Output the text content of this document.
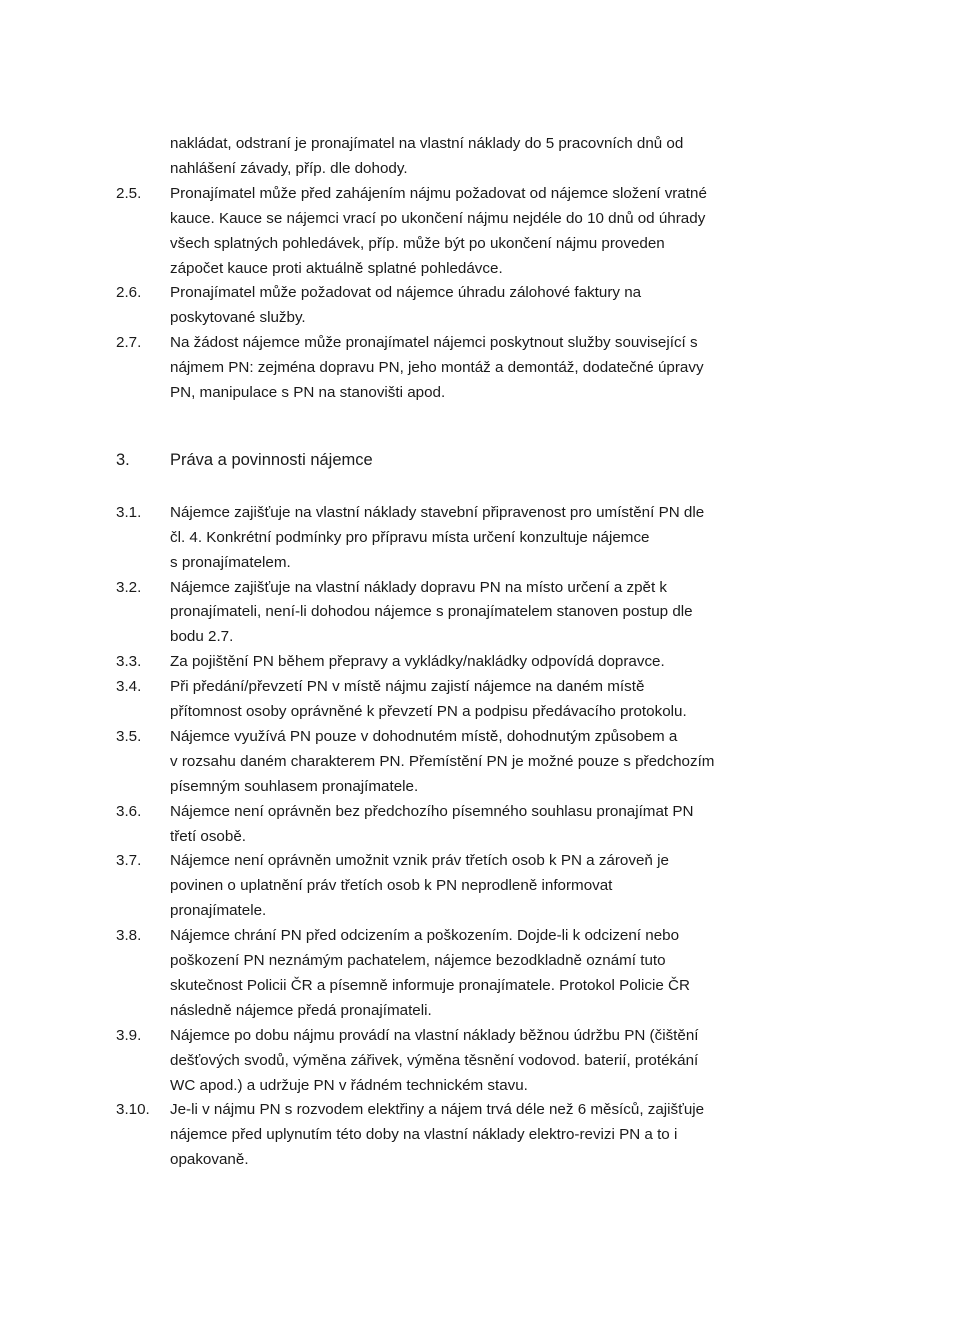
nakládat, odstraní je pronajímatel na vlastní náklady do 5 pracovních dnů od
nahlášení závady, příp. dle dohody.
2.5. Pronajímatel může před zahájením nájmu požadovat od nájemce složení vratné
kauce. Kauce se nájemci vrací po ukončení nájmu nejdéle do 10 dnů od úhrady
všech splatných pohledávek, příp. může být po ukončení nájmu proveden
zápočet kauce proti aktuálně splatné pohledávce.
2.6. Pronajímatel může požadovat od nájemce úhradu zálohové faktury na
poskytované služby.
2.7. Na žádost nájemce může pronajímatel nájemci poskytnout služby související s
nájmem PN: zejména dopravu PN, jeho montáž a demontáž, dodatečné úpravy
PN, manipulace s PN na stanovišti apod.
3. Práva a povinnosti nájemce
3.1. Nájemce zajišťuje na vlastní náklady stavební připravenost pro umístění PN dle
čl. 4. Konkrétní podmínky pro přípravu místa určení konzultuje nájemce
s pronajímatelem.
3.2. Nájemce zajišťuje na vlastní náklady dopravu PN na místo určení a zpět k
pronajímateli, není-li dohodou nájemce s pronajímatelem stanoven postup dle
bodu 2.7.
3.3. Za pojištění PN během přepravy a vykládky/nakládky odpovídá dopravce.
3.4. Při předání/převzetí PN v místě nájmu zajistí nájemce na daném místě
přítomnost osoby oprávněné k převzetí PN a podpisu předávacího protokolu.
3.5. Nájemce využívá PN pouze v dohodnutém místě, dohodnutým způsobem a
v rozsahu daném charakterem PN. Přemístění PN je možné pouze s předchozím
písemným souhlasem pronajímatele.
3.6. Nájemce není oprávněn bez předchozího písemného souhlasu pronajímat PN
třetí osobě.
3.7. Nájemce není oprávněn umožnit vznik práv třetích osob k PN a zároveň je
povinen o uplatnění práv třetích osob k PN neprodleně informovat
pronajímatele.
3.8. Nájemce chrání PN před odcizením a poškozením. Dojde-li k odcizení nebo
poškození PN neznámým pachatelem, nájemce bezodkladně oznámí tuto
skutečnost Policii ČR a písemně informuje pronajímatele. Protokol Policie ČR
následně nájemce předá pronajímateli.
3.9. Nájemce po dobu nájmu provádí na vlastní náklady běžnou údržbu PN (čištění
dešťových svodů, výměna zářivek, výměna těsnění vodovod. baterií, protékání
WC apod.) a udržuje PN v řádném technickém stavu.
3.10. Je-li v nájmu PN s rozvodem elektřiny a nájem trvá déle než 6 měsíců, zajišťuje
nájemce před uplynutím této doby na vlastní náklady elektro-revizi PN a to i
opakovaně.
